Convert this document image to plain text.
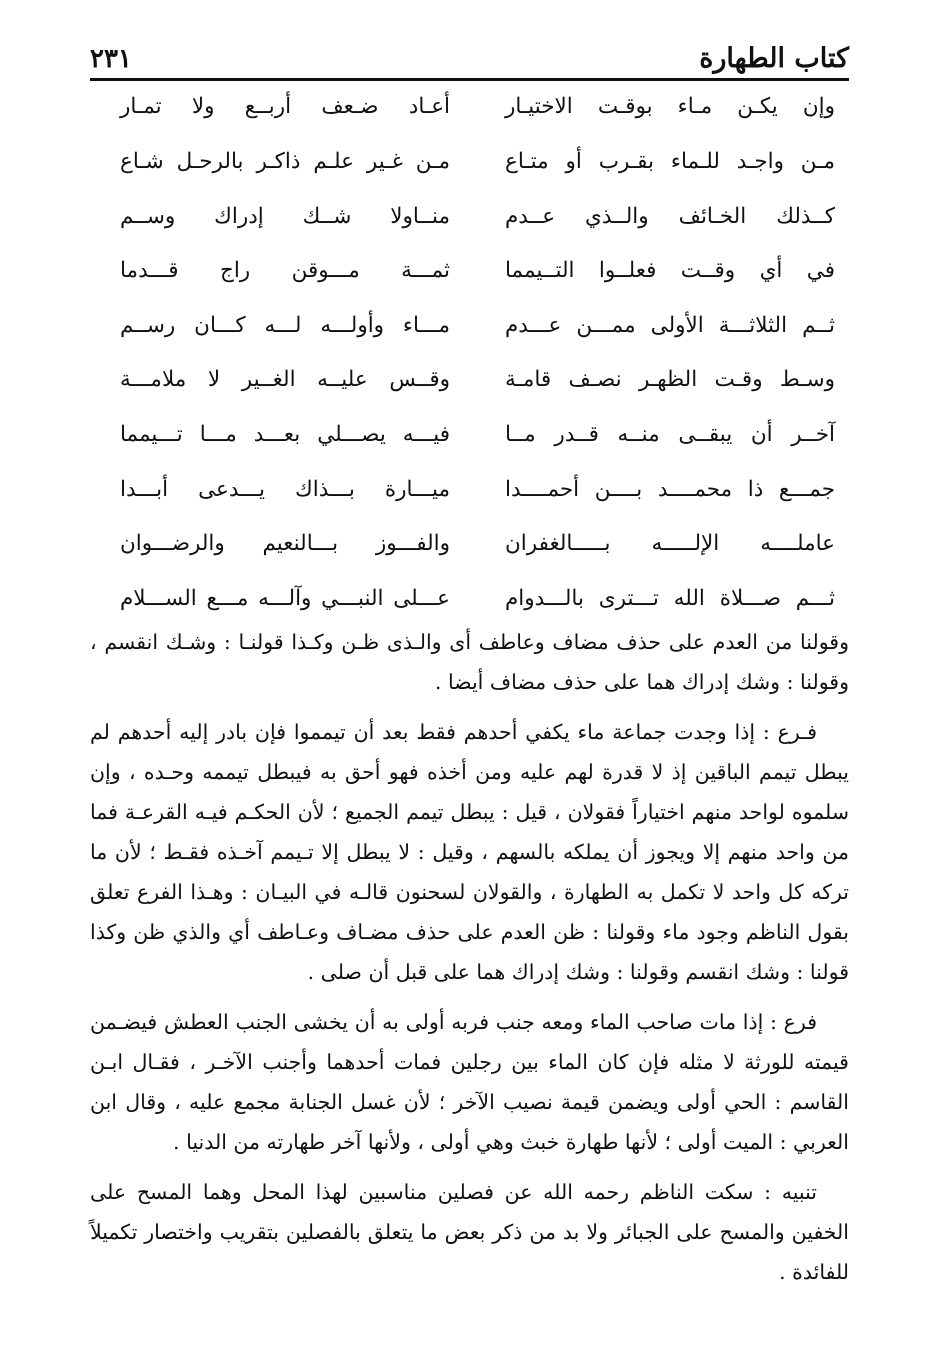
كتاب الطهارة
٢٣١
وإن يكـن مـاء بوقـت الاختيـار
أعـاد ضـعف أربــع ولا تمـار
مـن واجـد للـماء بقـرب أو متـاع
مـن غـير علـم ذاكـر بالرحـل شـاع
كــذلك الخـائف والــذي عــدم
منــاولا شــك إدراك وســم
في أي وقــت فعلــوا التــيمما
ثمـــة مـــوقن راج قـــدما
ثــم الثلاثـــة الأولى ممـــن عـــدم
مـــاء وأولـــه لـــه كـــان رســم
وسـط وقـت الظهـر نصـف قامـة
وقــس عليــه الغــير لا ملامـــة
آخــر أن يبقــى منــه قــدر مــا
فيـــه يصـــلي بعـــد مـــا تـــيمما
جمـــع ذا محمــــد بــــن أحمــــدا
ميـــارة بـــذاك يـــدعى أبـــدا
عاملــــه الإلـــــه بـــــالغفران
والفـــوز بـــالنعيم والرضـــوان
ثـــم صـــلاة الله تـــترى بالـــدوام
عـــلى النبـــي وآلـــه مـــع الســـلام

وقولنا من العدم على حذف مضاف وعاطف أى والـذى ظـن وكـذا قولنـا : وشـك انقسم ، وقولنا : وشك إدراك هما على حذف مضاف أيضا .

فـرع : إذا وجدت جماعة ماء يكفي أحدهم فقط بعد أن تيمموا فإن بادر إليه أحدهم لم يبطل تيمم الباقين إذ لا قدرة لهم عليه ومن أخذه فهو أحق به فيبطل تيممه وحـده ، وإن سلموه لواحد منهم اختياراً فقولان ، قيل : يبطل تيمم الجميع ؛ لأن الحكـم فيـه القرعـة فما من واحد منهم إلا ويجوز أن يملكه بالسهم ، وقيل : لا يبطل إلا تـيمم آخـذه فقـط ؛ لأن ما تركه كل واحد لا تكمل به الطهارة ، والقولان لسحنون قالـه في البيـان : وهـذا الفرع تعلق بقول الناظم وجود ماء وقولنا : ظن العدم على حذف مضـاف وعـاطف أي والذي ظن وكذا قولنا : وشك انقسم وقولنا : وشك إدراك هما على قبل أن صلى .

فرع : إذا مات صاحب الماء ومعه جنب فربه أولى به أن يخشى الجنب العطش فيضـمن قيمته للورثة لا مثله فإن كان الماء بين رجلين فمات أحدهما وأجنب الآخـر ، فقـال ابـن القاسم : الحي أولى ويضمن قيمة نصيب الآخر ؛ لأن غسل الجنابة مجمع عليه ، وقال ابن العربي : الميت أولى ؛ لأنها طهارة خبث وهي أولى ، ولأنها آخر طهارته من الدنيا .

تنبيه : سكت الناظم رحمه الله عن فصلين مناسبين لهذا المحل وهما المسح على الخفين والمسح على الجبائر ولا بد من ذكر بعض ما يتعلق بالفصلين بتقريب واختصار تكميلاً للفائدة .
